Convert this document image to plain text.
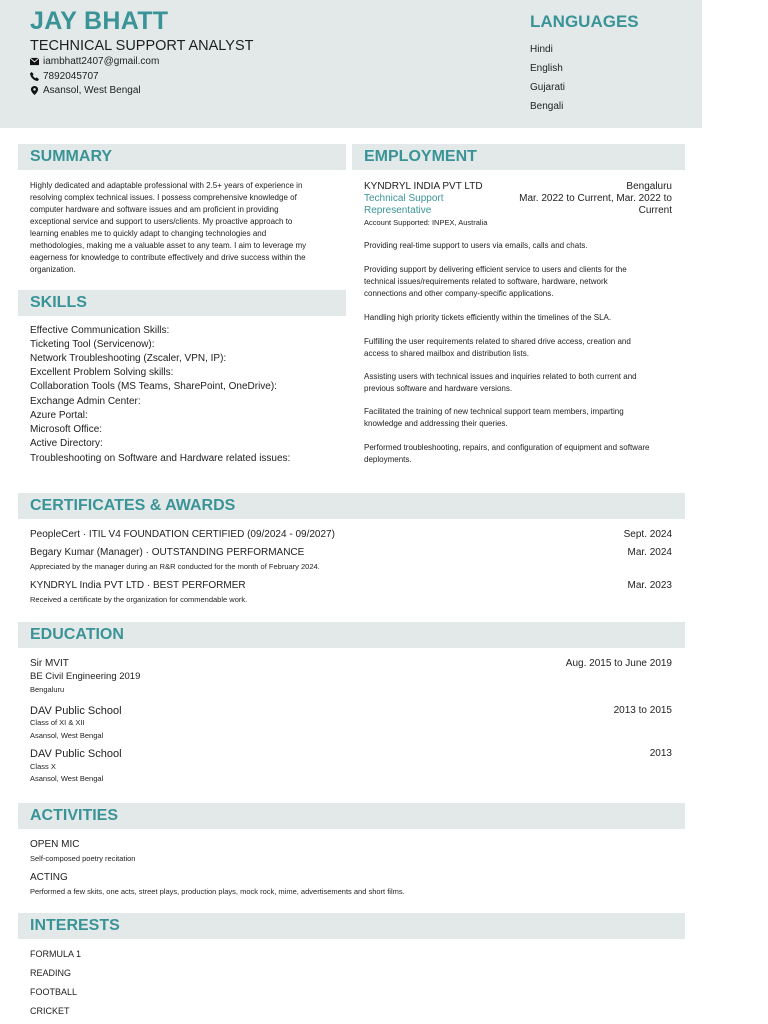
JAY BHATT
TECHNICAL SUPPORT ANALYST
iambhatt2407@gmail.com
7892045707
Asansol, West Bengal
LANGUAGES
Hindi
English
Gujarati
Bengali
SUMMARY
Highly dedicated and adaptable professional with 2.5+ years of experience in
resolving complex technical issues. I possess comprehensive knowledge of
computer hardware and software issues and am proficient in providing
exceptional service and support to users/clients. My proactive approach to
learning enables me to quickly adapt to changing technologies and
methodologies, making me a valuable asset to any team. I aim to leverage my
eagerness for knowledge to contribute effectively and drive success within the
organization.
SKILLS
Effective Communication Skills:
Ticketing Tool (Servicenow):
Network Troubleshooting (Zscaler, VPN, IP):
Excellent Problem Solving skills:
Collaboration Tools (MS Teams, SharePoint, OneDrive):
Exchange Admin Center:
Azure Portal:
Microsoft Office:
Active Directory:
Troubleshooting on Software and Hardware related issues:
EMPLOYMENT
KYNDRYL INDIA PVT LTD	Bengaluru
Technical Support
Representative
Mar. 2022 to Current, Mar. 2022 to
Current
Account Supported: INPEX, Australia
Providing real-time support to users via emails, calls and chats.
Providing support by delivering efficient service to users and clients for the
technical issues/requirements related to software, hardware, network
connections and other company-specific applications.
Handling high priority tickets efficiently within the timelines of the SLA.
Fulfilling the user requirements related to shared drive access, creation and
access to shared mailbox and distribution lists.
Assisting users with technical issues and inquiries related to both current and
previous software and hardware versions.
Facilitated the training of new technical support team members, imparting
knowledge and addressing their queries.
Performed troubleshooting, repairs, and configuration of equipment and software
deployments.
CERTIFICATES & AWARDS
PeopleCert · ITIL V4 FOUNDATION CERTIFIED (09/2024 - 09/2027)	Sept. 2024
Begary Kumar (Manager) · OUTSTANDING PERFORMANCE	Mar. 2024
Appreciated by the manager during an R&R conducted for the month of February 2024.
KYNDRYL India PVT LTD · BEST PERFORMER	Mar. 2023
Received a certificate by the organization for commendable work.
EDUCATION
Sir MVIT	Aug. 2015 to June 2019
BE Civil Engineering 2019
Bengaluru
DAV Public School	2013 to 2015
Class of XI & XII
Asansol, West Bengal
DAV Public School	2013
Class X
Asansol, West Bengal
ACTIVITIES
OPEN MIC
Self-composed poetry recitation
ACTING
Performed a few skits, one acts, street plays, production plays, mock rock, mime, advertisements and short films.
INTERESTS
FORMULA 1
READING
FOOTBALL
CRICKET
